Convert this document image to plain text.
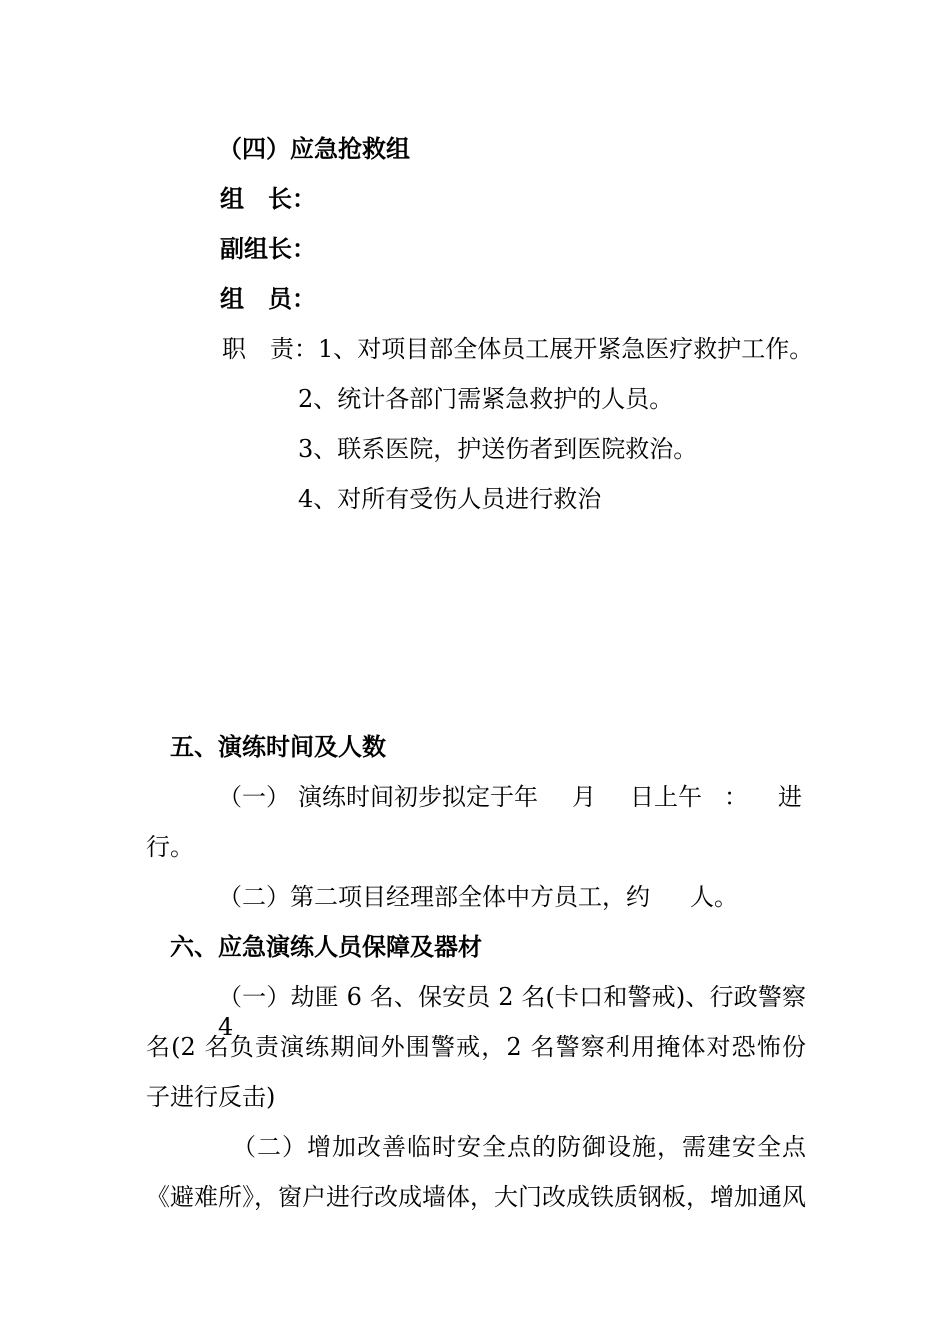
（四）应急抢救组

组　长：

副组长：

组　员：

职　责：1、对项目部全体员工展开紧急医疗救护工作。

2、统计各部门需紧急救护的人员。

3、联系医院，护送伤者到医院救治。

4、对所有受伤人员进行救治

五、演练时间及人数

（一） 演练时间初步拟定于年 月 日上午 ： 进

行。

（二）第二项目经理部全体中方员工，约 人。

六、应急演练人员保障及器材

（一）劫匪 6 名、保安员 2 名(卡口和警戒)、行政警察 4

名(2 名负责演练期间外围警戒，2 名警察利用掩体对恐怖份

子进行反击)

（二）增加改善临时安全点的防御设施，需建安全点

《避难所》，窗户进行改成墙体，大门改成铁质钢板，增加通风
